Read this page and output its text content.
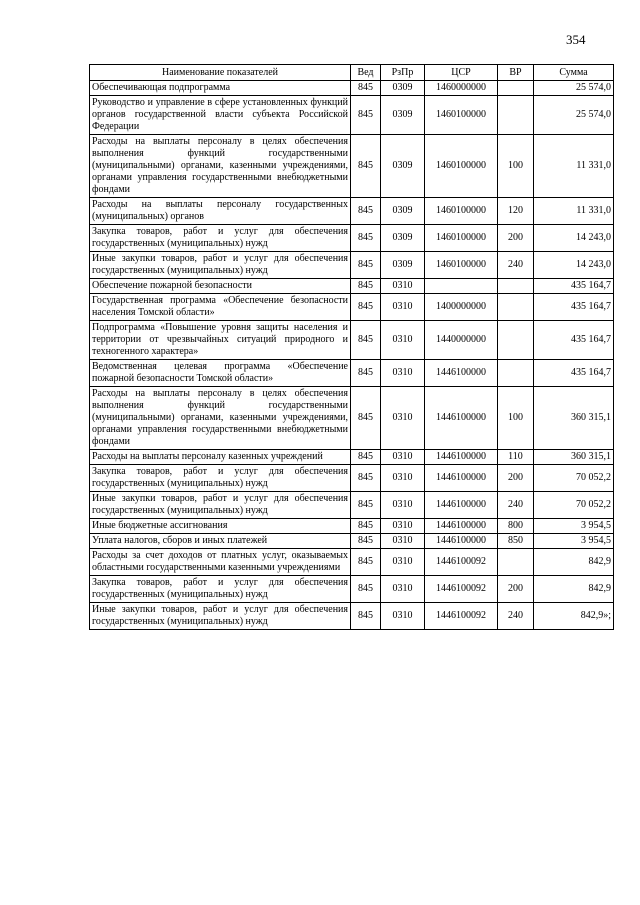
354
Наименование показателей	Вед	РзПр	ЦСР	ВР	Сумма
Обеспечивающая подпрограмма	845	0309	1460000000		25 574,0
Руководство и управление в сфере установленных функций органов государственной власти субъекта Российской Федерации	845	0309	1460100000		25 574,0
Расходы на выплаты персоналу в целях обеспечения выполнения функций государственными (муниципальными) органами, казенными учреждениями, органами управления государственными внебюджетными фондами	845	0309	1460100000	100	11 331,0
Расходы на выплаты персоналу государственных (муниципальных) органов	845	0309	1460100000	120	11 331,0
Закупка товаров, работ и услуг для обеспечения государственных (муниципальных) нужд	845	0309	1460100000	200	14 243,0
Иные закупки товаров, работ и услуг для обеспечения государственных (муниципальных) нужд	845	0309	1460100000	240	14 243,0
Обеспечение пожарной безопасности	845	0310			435 164,7
Государственная программа «Обеспечение безопасности населения Томской области»	845	0310	1400000000		435 164,7
Подпрограмма «Повышение уровня защиты населения и территории от чрезвычайных ситуаций природного и техногенного характера»	845	0310	1440000000		435 164,7
Ведомственная целевая программа «Обеспечение пожарной безопасности Томской области»	845	0310	1446100000		435 164,7
Расходы на выплаты персоналу в целях обеспечения выполнения функций государственными (муниципальными) органами, казенными учреждениями, органами управления государственными внебюджетными фондами	845	0310	1446100000	100	360 315,1
Расходы на выплаты персоналу казенных учреждений	845	0310	1446100000	110	360 315,1
Закупка товаров, работ и услуг для обеспечения государственных (муниципальных) нужд	845	0310	1446100000	200	70 052,2
Иные закупки товаров, работ и услуг для обеспечения государственных (муниципальных) нужд	845	0310	1446100000	240	70 052,2
Иные бюджетные ассигнования	845	0310	1446100000	800	3 954,5
Уплата налогов, сборов и иных платежей	845	0310	1446100000	850	3 954,5
Расходы за счет доходов от платных услуг, оказываемых областными государственными казенными учреждениями	845	0310	1446100092		842,9
Закупка товаров, работ и услуг для обеспечения государственных (муниципальных) нужд	845	0310	1446100092	200	842,9
Иные закупки товаров, работ и услуг для обеспечения государственных (муниципальных) нужд	845	0310	1446100092	240	842,9»;
